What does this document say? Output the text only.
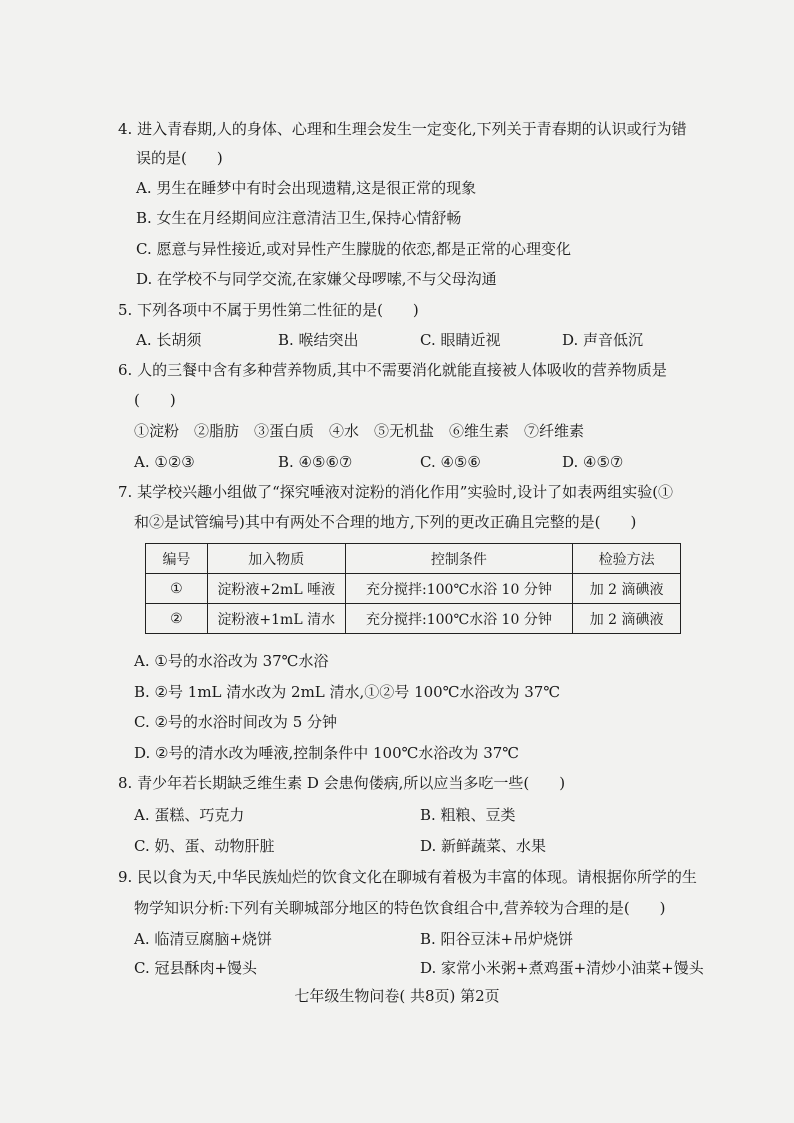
4. 进入青春期,人的身体、心理和生理会发生一定变化,下列关于青春期的认识或行为错
误的是(　　)
A. 男生在睡梦中有时会出现遗精,这是很正常的现象
B. 女生在月经期间应注意清洁卫生,保持心情舒畅
C. 愿意与异性接近,或对异性产生朦胧的依恋,都是正常的心理变化
D. 在学校不与同学交流,在家嫌父母啰嗦,不与父母沟通
5. 下列各项中不属于男性第二性征的是(　　)
A. 长胡须	B. 喉结突出	C. 眼睛近视	D. 声音低沉
6. 人的三餐中含有多种营养物质,其中不需要消化就能直接被人体吸收的营养物质是
(　　)
①淀粉　②脂肪　③蛋白质　④水　⑤无机盐　⑥维生素　⑦纤维素
A. ①②③	B. ④⑤⑥⑦	C. ④⑤⑥	D. ④⑤⑦
7. 某学校兴趣小组做了“探究唾液对淀粉的消化作用”实验时,设计了如表两组实验(①
和②是试管编号)其中有两处不合理的地方,下列的更改正确且完整的是(　　)
编号	加入物质	控制条件	检验方法
①	淀粉液+2mL 唾液	充分搅拌:100℃水浴 10 分钟	加 2 滴碘液
②	淀粉液+1mL 清水	充分搅拌:100℃水浴 10 分钟	加 2 滴碘液
A. ①号的水浴改为 37℃水浴
B. ②号 1mL 清水改为 2mL 清水,①②号 100℃水浴改为 37℃
C. ②号的水浴时间改为 5 分钟
D. ②号的清水改为唾液,控制条件中 100℃水浴改为 37℃
8. 青少年若长期缺乏维生素 D 会患佝偻病,所以应当多吃一些(　　)
A. 蛋糕、巧克力	B. 粗粮、豆类
C. 奶、蛋、动物肝脏	D. 新鲜蔬菜、水果
9. 民以食为天,中华民族灿烂的饮食文化在聊城有着极为丰富的体现。请根据你所学的生
物学知识分析:下列有关聊城部分地区的特色饮食组合中,营养较为合理的是(　　)
A. 临清豆腐脑+烧饼	B. 阳谷豆沫+吊炉烧饼
C. 冠县酥肉+馒头	D. 家常小米粥+煮鸡蛋+清炒小油菜+馒头
七年级生物问卷( 共8页) 第2页
